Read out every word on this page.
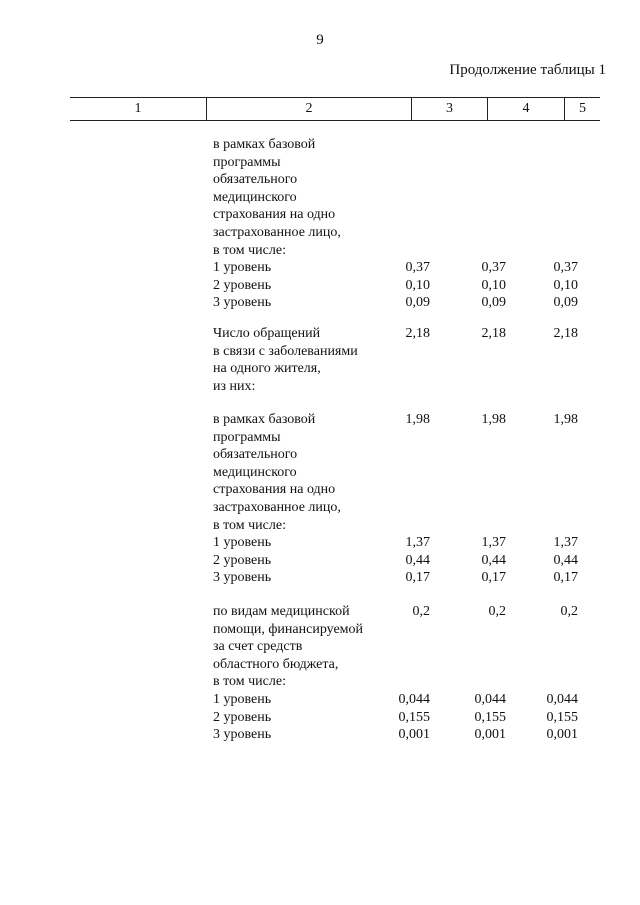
9
Продолжение таблицы 1
1	2	3	4	5
в рамках базовой
программы
обязательного
медицинского
страхования на одно
застрахованное лицо,
в том числе:
1 уровень	0,37	0,37	0,37
2 уровень	0,10	0,10	0,10
3 уровень	0,09	0,09	0,09
Число обращений
в связи с заболеваниями
на одного жителя,
из них:
2,18	2,18	2,18
в рамках базовой
программы
обязательного
медицинского
страхования на одно
застрахованное лицо,
в том числе:
1,98	1,98	1,98
1 уровень	1,37	1,37	1,37
2 уровень	0,44	0,44	0,44
3 уровень	0,17	0,17	0,17
по видам медицинской
помощи, финансируемой
за счет средств
областного бюджета,
в том числе:
0,2	0,2	0,2
1 уровень	0,044	0,044	0,044
2 уровень	0,155	0,155	0,155
3 уровень	0,001	0,001	0,001
